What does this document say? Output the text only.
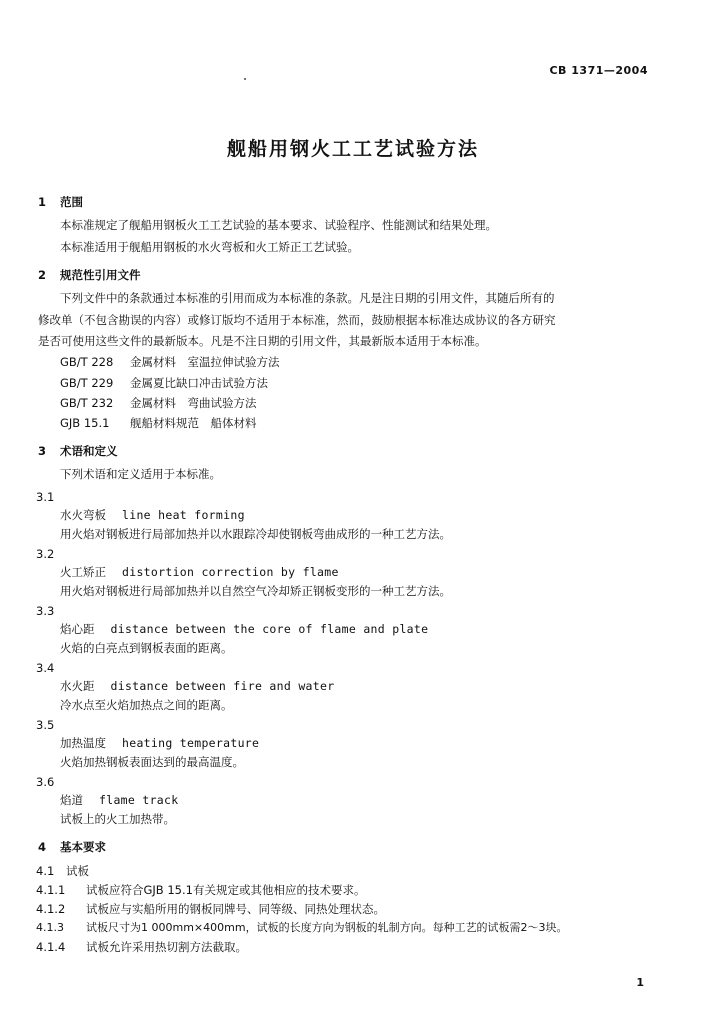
CB 1371—2004
舰船用钢火工工艺试验方法
1 范围
本标准规定了舰船用钢板火工工艺试验的基本要求、试验程序、性能测试和结果处理。
本标准适用于舰船用钢板的水火弯板和火工矫正工艺试验。
2 规范性引用文件
下列文件中的条款通过本标准的引用而成为本标准的条款。凡是注日期的引用文件，其随后所有的
修改单（不包含勘误的内容）或修订版均不适用于本标准，然而，鼓励根据本标准达成协议的各方研究
是否可使用这些文件的最新版本。凡是不注日期的引用文件，其最新版本适用于本标准。
GB/T 228 金属材料　室温拉伸试验方法
GB/T 229 金属夏比缺口冲击试验方法
GB/T 232 金属材料　弯曲试验方法
GJB 15.1 舰船材料规范　船体材料
3 术语和定义
下列术语和定义适用于本标准。
3.1
水火弯板 line heat forming
用火焰对钢板进行局部加热并以水跟踪冷却使钢板弯曲成形的一种工艺方法。
3.2
火工矫正 distortion correction by flame
用火焰对钢板进行局部加热并以自然空气冷却矫正钢板变形的一种工艺方法。
3.3
焰心距 distance between the core of flame and plate
火焰的白亮点到钢板表面的距离。
3.4
水火距 distance between fire and water
冷水点至火焰加热点之间的距离。
3.5
加热温度 heating temperature
火焰加热钢板表面达到的最高温度。
3.6
焰道 flame track
试板上的火工加热带。
4 基本要求
4.1 试板
4.1.1 试板应符合GJB 15.1有关规定或其他相应的技术要求。
4.1.2 试板应与实船所用的钢板同牌号、同等级、同热处理状态。
4.1.3 试板尺寸为1 000mm×400mm，试板的长度方向为钢板的轧制方向。每种工艺的试板需2～3块。
4.1.4 试板允许采用热切割方法截取。
1
